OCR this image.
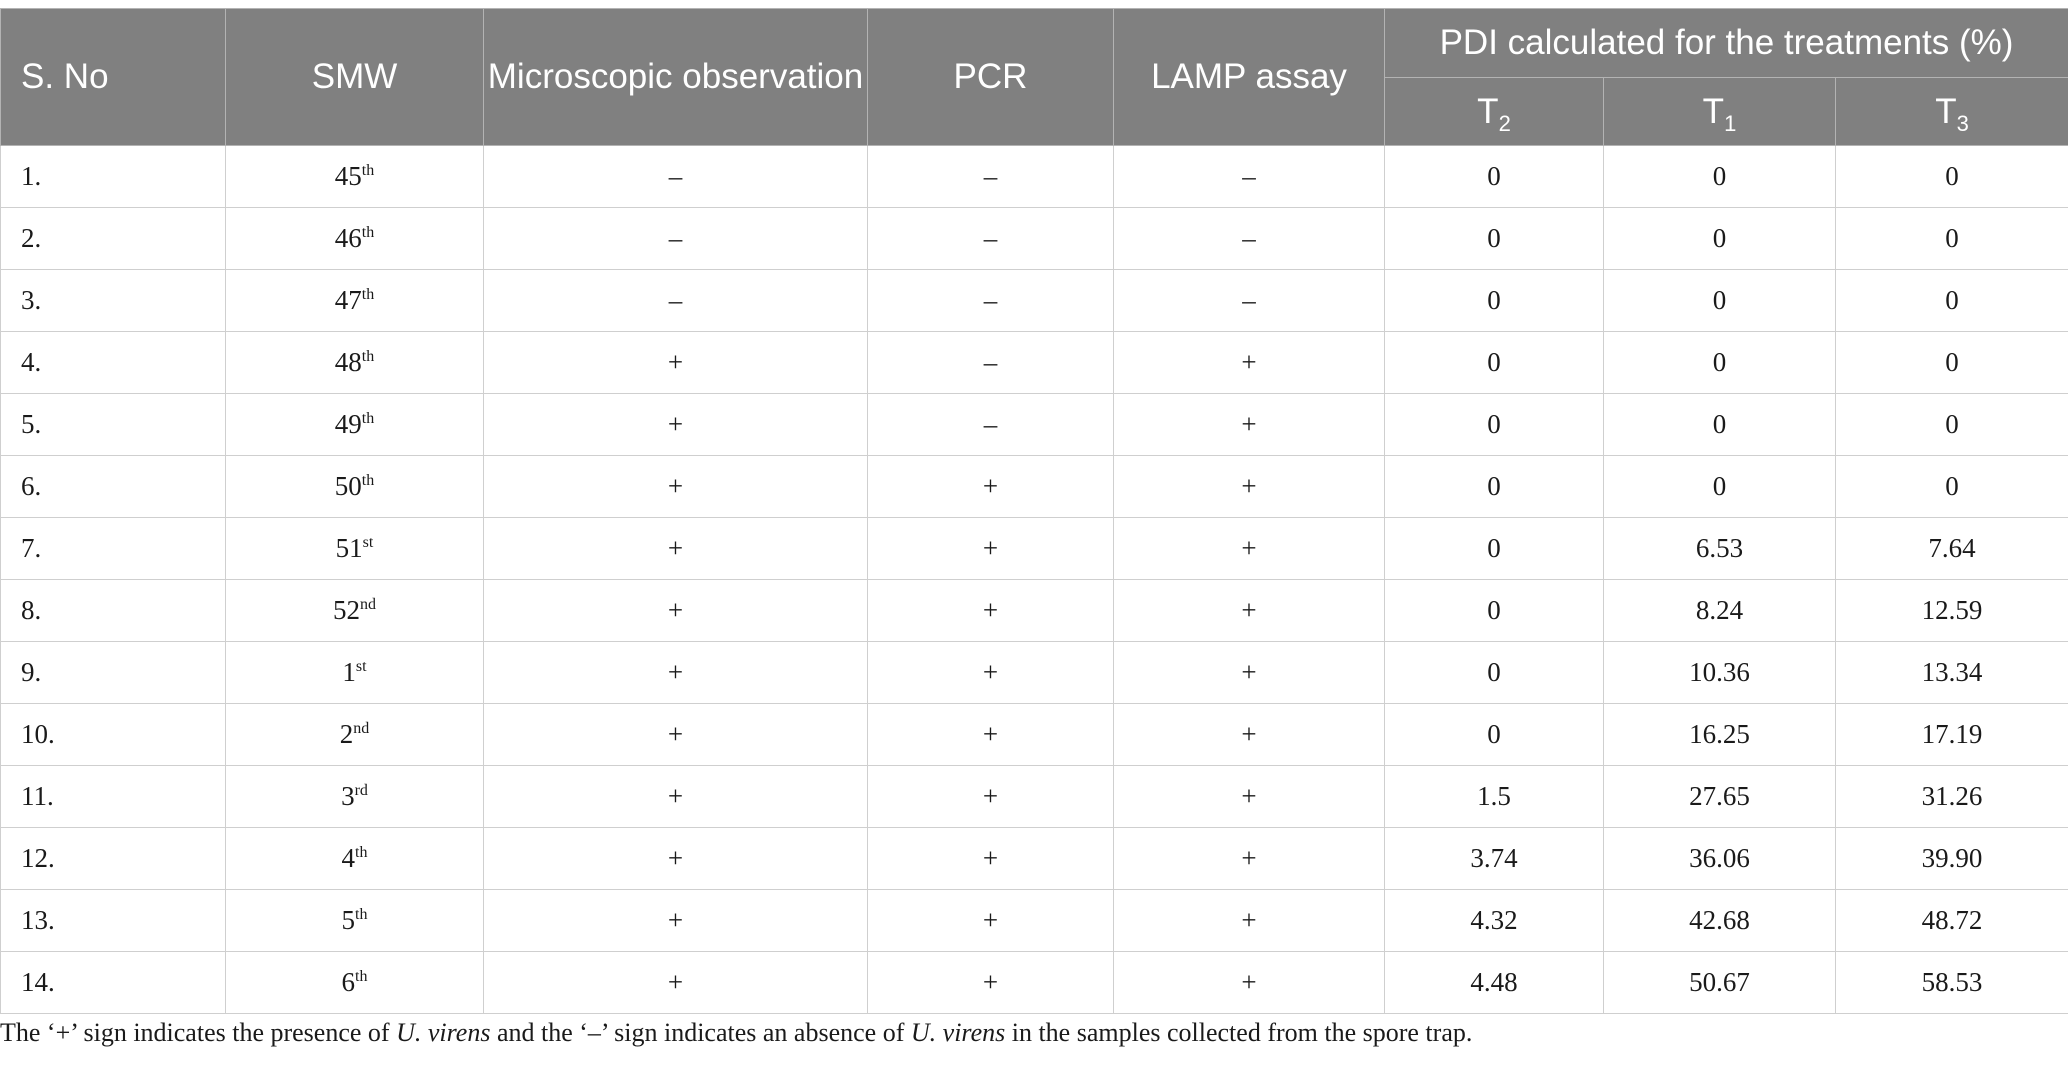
S. No	SMW	Microscopic observation	PCR	LAMP assay	PDI calculated for the treatments (%)		
					$T_2$	$T_1$	$T_3$
1.	45th	–	–	–	0	0	0
2.	46th	–	–	–	0	0	0
3.	47th	–	–	–	0	0	0
4.	48th	+	–	+	0	0	0
5.	49th	+	–	+	0	0	0
6.	50th	+	+	+	0	0	0
7.	51st	+	+	+	0	6.53	7.64
8.	52nd	+	+	+	0	8.24	12.59
9.	1st	+	+	+	0	10.36	13.34
10.	2nd	+	+	+	0	16.25	17.19
11.	3rd	+	+	+	1.5	27.65	31.26
12.	4th	+	+	+	3.74	36.06	39.90
13.	5th	+	+	+	4.32	42.68	48.72
14.	6th	+	+	+	4.48	50.67	58.53
The ‘+’ sign indicates the presence of U. virens and the ‘–’ sign indicates an absence of U. virens in the samples collected from the spore trap.
